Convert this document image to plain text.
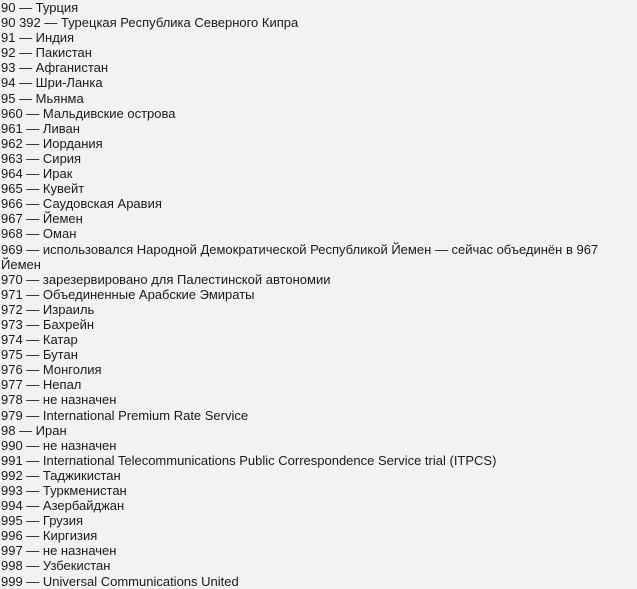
90 — Турция
90 392 — Турецкая Республика Северного Кипра
91 — Индия
92 — Пакистан
93 — Афганистан
94 — Шри-Ланка
95 — Мьянма
960 — Мальдивские острова
961 — Ливан
962 — Иордания
963 — Сирия
964 — Ирак
965 — Кувейт
966 — Саудовская Аравия
967 — Йемен
968 — Оман
969 — использовался Народной Демократической Республикой Йемен — сейчас объединён в 967 Йемен
970 — зарезервировано для Палестинской автономии
971 — Объединенные Арабские Эмираты
972 — Израиль
973 — Бахрейн
974 — Катар
975 — Бутан
976 — Монголия
977 — Непал
978 — не назначен
979 — International Premium Rate Service
98 — Иран
990 — не назначен
991 — International Telecommunications Public Correspondence Service trial (ITPCS)
992 — Таджикистан
993 — Туркменистан
994 — Азербайджан
995 — Грузия
996 — Киргизия
997 — не назначен
998 — Узбекистан
999 — Universal Communications United
